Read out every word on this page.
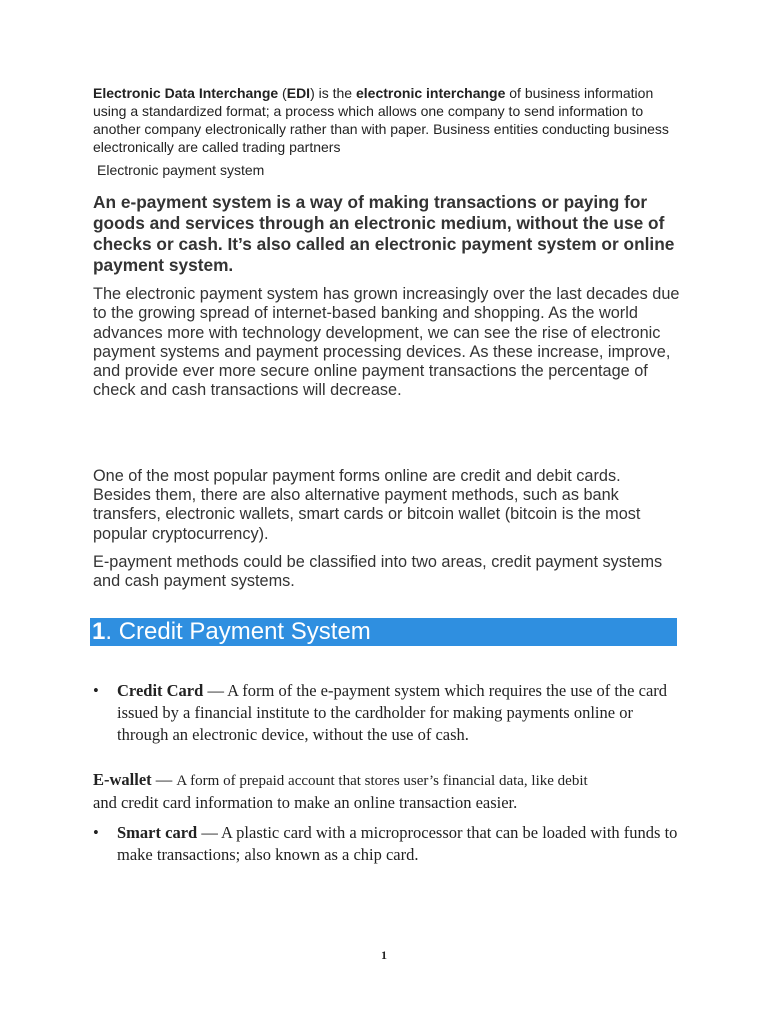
Electronic Data Interchange (EDI) is the electronic interchange of business information using a standardized format; a process which allows one company to send information to another company electronically rather than with paper. Business entities conducting business electronically are called trading partners

Electronic payment system

An e-payment system is a way of making transactions or paying for goods and services through an electronic medium, without the use of checks or cash. It’s also called an electronic payment system or online payment system.

The electronic payment system has grown increasingly over the last decades due to the growing spread of internet-based banking and shopping. As the world advances more with technology development, we can see the rise of electronic payment systems and payment processing devices. As these increase, improve, and provide ever more secure online payment transactions the percentage of check and cash transactions will decrease.

One of the most popular payment forms online are credit and debit cards. Besides them, there are also alternative payment methods, such as bank transfers, electronic wallets, smart cards or bitcoin wallet (bitcoin is the most popular cryptocurrency).

E-payment methods could be classified into two areas, credit payment systems and cash payment systems.

1. Credit Payment System

• Credit Card — A form of the e-payment system which requires the use of the card issued by a financial institute to the cardholder for making payments online or through an electronic device, without the use of cash.

E-wallet — A form of prepaid account that stores user’s financial data, like debit
and credit card information to make an online transaction easier.

• Smart card — A plastic card with a microprocessor that can be loaded with funds to make transactions; also known as a chip card.

1
